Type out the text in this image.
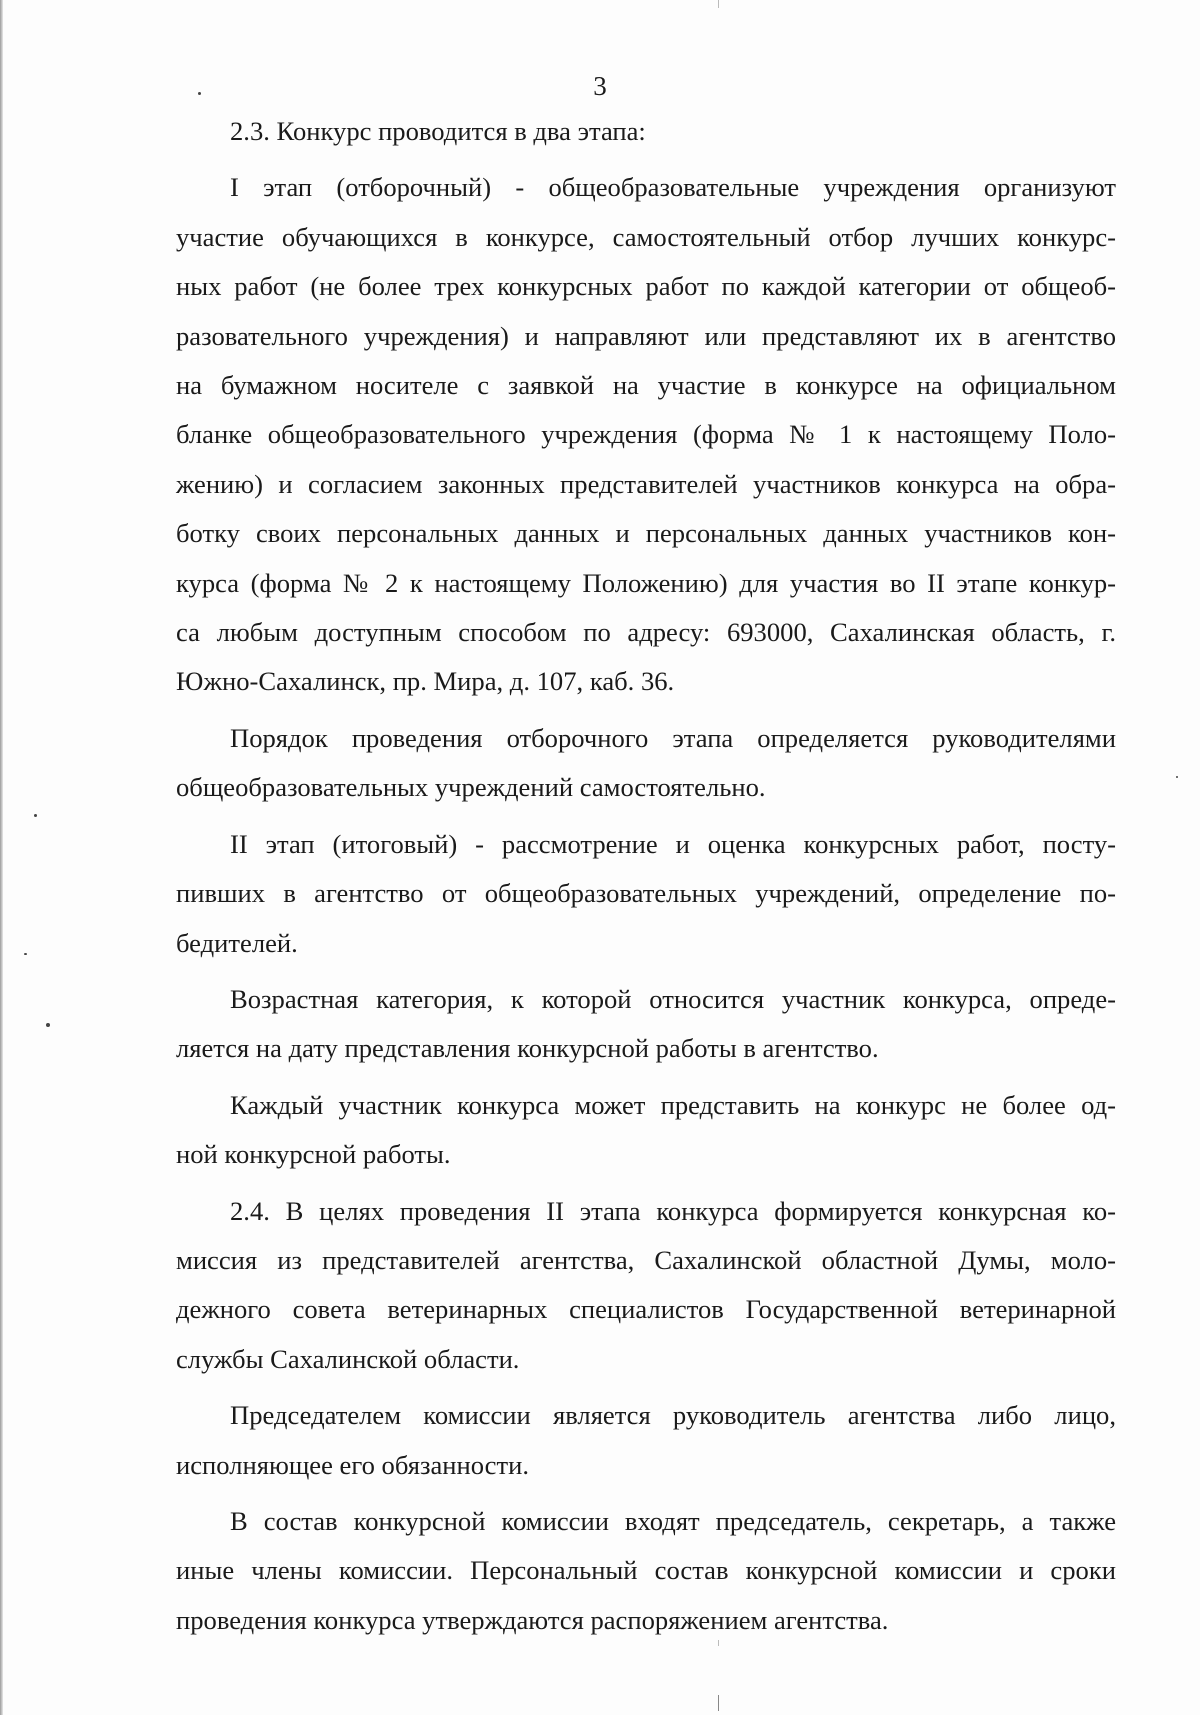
3
2.3. Конкурс проводится в два этапа:
I этап (отборочный) - общеобразовательные учреждения организуют
участие обучающихся в конкурсе, самостоятельный отбор лучших конкурс-
ных работ (не более трех конкурсных работ по каждой категории от общеоб-
разовательного учреждения) и направляют или представляют их в агентство
на бумажном носителе с заявкой на участие в конкурсе на официальном
бланке общеобразовательного учреждения (форма № 1 к настоящему Поло-
жению) и согласием законных представителей участников конкурса на обра-
ботку своих персональных данных и персональных данных участников кон-
курса (форма № 2 к настоящему Положению) для участия во II этапе конкур-
са любым доступным способом по адресу: 693000, Сахалинская область, г.
Южно-Сахалинск, пр. Мира, д. 107, каб. 36.
Порядок проведения отборочного этапа определяется руководителями
общеобразовательных учреждений самостоятельно.
II этап (итоговый) - рассмотрение и оценка конкурсных работ, посту-
пивших в агентство от общеобразовательных учреждений, определение по-
бедителей.
Возрастная категория, к которой относится участник конкурса, опреде-
ляется на дату представления конкурсной работы в агентство.
Каждый участник конкурса может представить на конкурс не более од-
ной конкурсной работы.
2.4. В целях проведения II этапа конкурса формируется конкурсная ко-
миссия из представителей агентства, Сахалинской областной Думы, моло-
дежного совета ветеринарных специалистов Государственной ветеринарной
службы Сахалинской области.
Председателем комиссии является руководитель агентства либо лицо,
исполняющее его обязанности.
В состав конкурсной комиссии входят председатель, секретарь, а также
иные члены комиссии. Персональный состав конкурсной комиссии и сроки
проведения конкурса утверждаются распоряжением агентства.
